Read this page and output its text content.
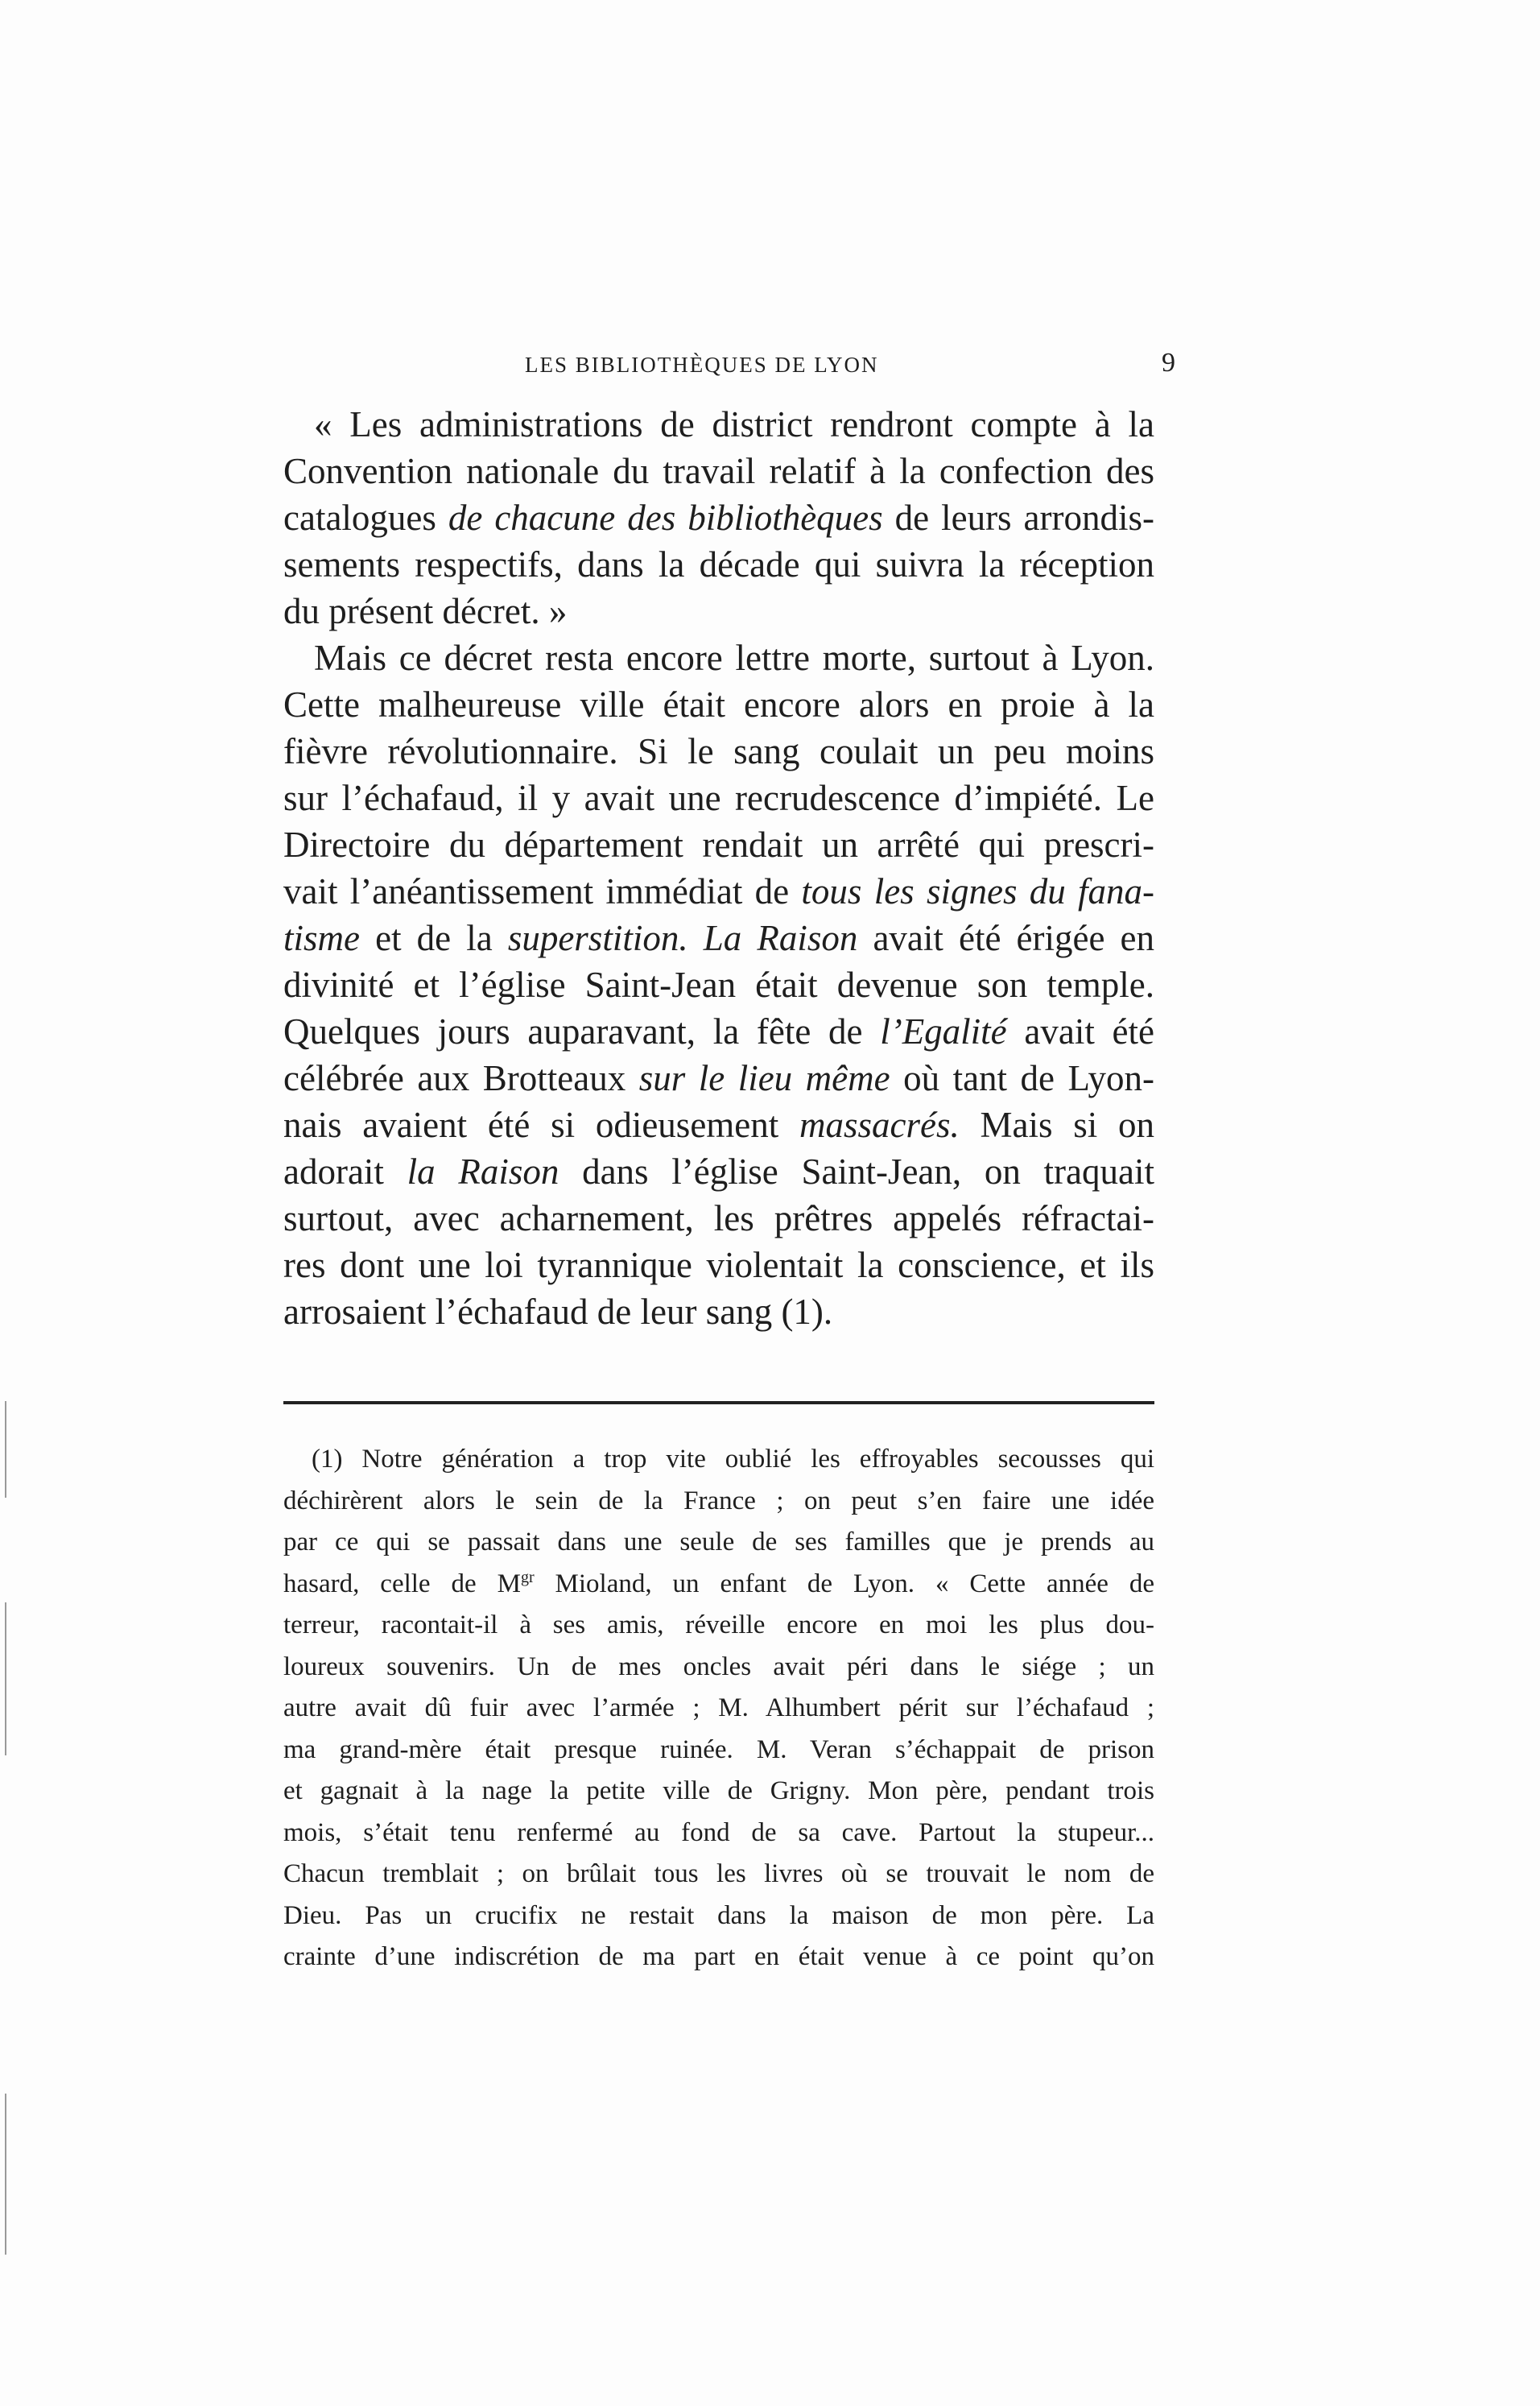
LES BIBLIOTHÈQUES DE LYON	9
« Les administrations de district rendront compte à la
Convention nationale du travail relatif à la confection des
catalogues de chacune des bibliothèques de leurs arrondis-
sements respectifs, dans la décade qui suivra la réception
du présent décret. »
Mais ce décret resta encore lettre morte, surtout à Lyon.
Cette malheureuse ville était encore alors en proie à la
fièvre révolutionnaire. Si le sang coulait un peu moins
sur l’échafaud, il y avait une recrudescence d’impiété. Le
Directoire du département rendait un arrêté qui prescri-
vait l’anéantissement immédiat de tous les signes du fana-
tisme et de la superstition. La Raison avait été érigée en
divinité et l’église Saint-Jean était devenue son temple.
Quelques jours auparavant, la fête de l’Egalité avait été
célébrée aux Brotteaux sur le lieu même où tant de Lyon-
nais avaient été si odieusement massacrés. Mais si on
adorait la Raison dans l’église Saint-Jean, on traquait
surtout, avec acharnement, les prêtres appelés réfractai-
res dont une loi tyrannique violentait la conscience, et ils
arrosaient l’échafaud de leur sang (1).
(1) Notre génération a trop vite oublié les effroyables secousses qui
déchirèrent alors le sein de la France ; on peut s’en faire une idée
par ce qui se passait dans une seule de ses familles que je prends au
hasard, celle de $M^{gr}$ Mioland, un enfant de Lyon. « Cette année de
terreur, racontait-il à ses amis, réveille encore en moi les plus dou-
loureux souvenirs. Un de mes oncles avait péri dans le siége ; un
autre avait dû fuir avec l’armée ; M. Alhumbert périt sur l’échafaud ;
ma grand-mère était presque ruinée. M. Veran s’échappait de prison
et gagnait à la nage la petite ville de Grigny. Mon père, pendant trois
mois, s’était tenu renfermé au fond de sa cave. Partout la stupeur...
Chacun tremblait ; on brûlait tous les livres où se trouvait le nom de
Dieu. Pas un crucifix ne restait dans la maison de mon père. La
crainte d’une indiscrétion de ma part en était venue à ce point qu’on
